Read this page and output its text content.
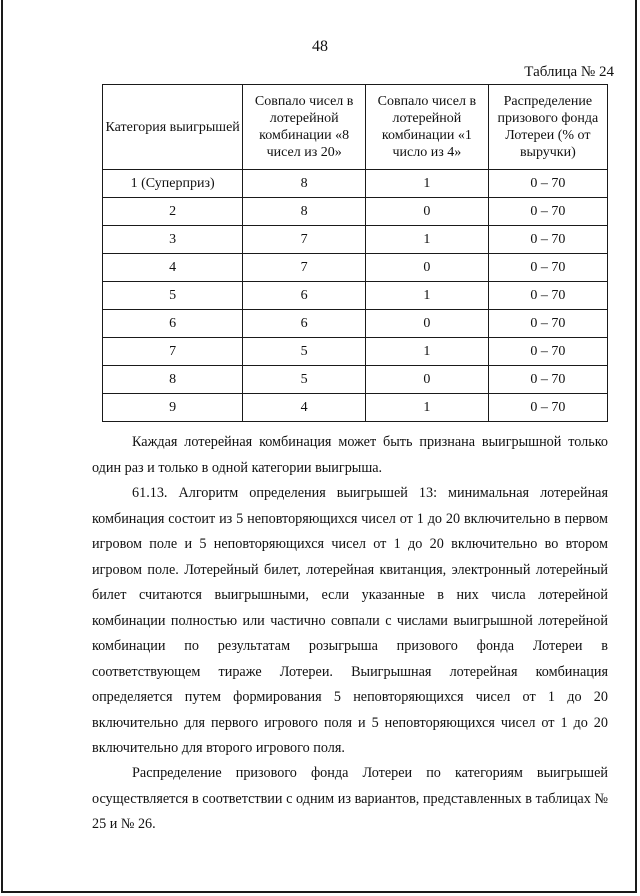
48
Таблица № 24
Категория выигрышей	Совпало чисел в лотерейной комбинации «8 чисел из 20»	Совпало чисел в лотерейной комбинации «1 число из 4»	Распределение призового фонда Лотереи (% от выручки)
1 (Суперприз)	8	1	0 – 70
2	8	0	0 – 70
3	7	1	0 – 70
4	7	0	0 – 70
5	6	1	0 – 70
6	6	0	0 – 70
7	5	1	0 – 70
8	5	0	0 – 70
9	4	1	0 – 70

Каждая лотерейная комбинация может быть признана выигрышной только один раз и только в одной категории выигрыша.

61.13. Алгоритм определения выигрышей 13: минимальная лотерейная комбинация состоит из 5 неповторяющихся чисел от 1 до 20 включительно в первом игровом поле и 5 неповторяющихся чисел от 1 до 20 включительно во втором игровом поле. Лотерейный билет, лотерейная квитанция, электронный лотерейный билет считаются выигрышными, если указанные в них числа лотерейной комбинации полностью или частично совпали с числами выигрышной лотерейной комбинации по результатам розыгрыша призового фонда Лотереи в соответствующем тираже Лотереи. Выигрышная лотерейная комбинация определяется путем формирования 5 неповторяющихся чисел от 1 до 20 включительно для первого игрового поля и 5 неповторяющихся чисел от 1 до 20 включительно для второго игрового поля.

Распределение призового фонда Лотереи по категориям выигрышей осуществляется в соответствии с одним из вариантов, представленных в таблицах № 25 и № 26.
